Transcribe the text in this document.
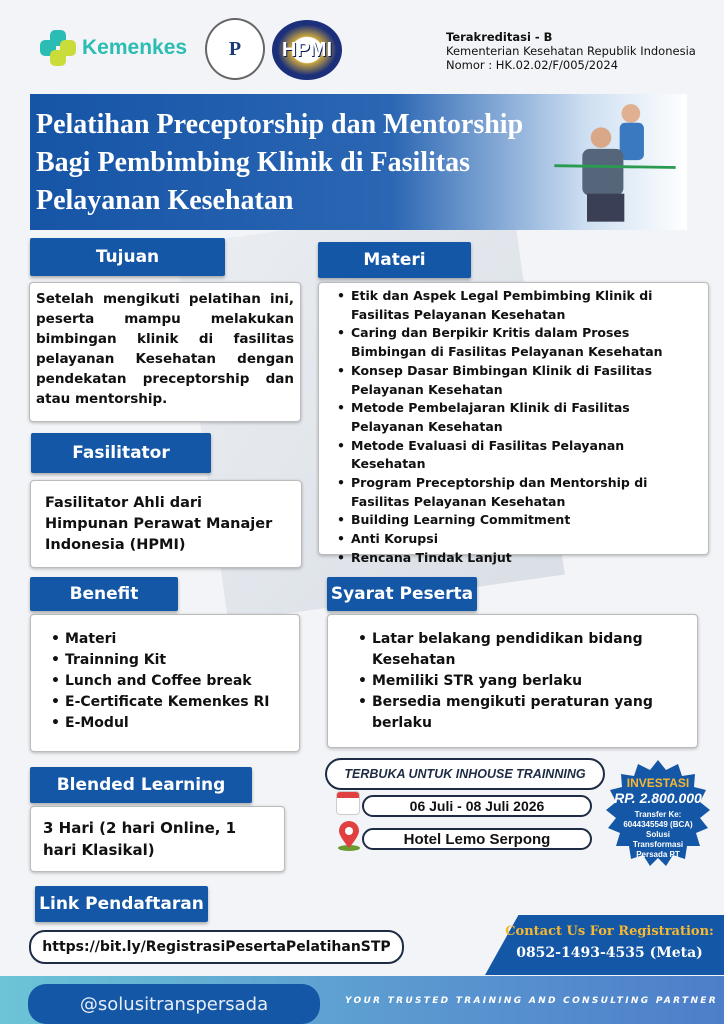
Kemenkes	P	HPMI
Terakreditasi - B
Kementerian Kesehatan Republik Indonesia
Nomor : HK.02.02/F/005/2024
Pelatihan Preceptorship dan Mentorship Bagi Pembimbing Klinik di Fasilitas Pelayanan Kesehatan
Tujuan
Setelah mengikuti pelatihan ini, peserta mampu melakukan bimbingan klinik di fasilitas pelayanan Kesehatan dengan pendekatan preceptorship dan atau mentorship.
Materi
• Etik dan Aspek Legal Pembimbing Klinik di Fasilitas Pelayanan Kesehatan
• Caring dan Berpikir Kritis dalam Proses Bimbingan di Fasilitas Pelayanan Kesehatan
• Konsep Dasar Bimbingan Klinik di Fasilitas Pelayanan Kesehatan
• Metode Pembelajaran Klinik di Fasilitas Pelayanan Kesehatan
• Metode Evaluasi di Fasilitas Pelayanan Kesehatan
• Program Preceptorship dan Mentorship di Fasilitas Pelayanan Kesehatan
• Building Learning Commitment
• Anti Korupsi
• Rencana Tindak Lanjut
Fasilitator
Fasilitator Ahli dari Himpunan Perawat Manajer Indonesia (HPMI)
Benefit
• Materi
• Trainning Kit
• Lunch and Coffee break
• E-Certificate Kemenkes RI
• E-Modul
Syarat Peserta
• Latar belakang pendidikan bidang Kesehatan
• Memiliki STR yang berlaku
• Bersedia mengikuti peraturan yang berlaku
Blended Learning
3 Hari (2 hari Online, 1 hari Klasikal)
TERBUKA UNTUK INHOUSE TRAINNING
06 Juli - 08 Juli 2026
Hotel Lemo Serpong
INVESTASI
RP. 2.800.000
Transfer Ke:
6044345549 (BCA)
Solusi Transformasi Persada PT
Link Pendaftaran
https://bit.ly/RegistrasiPesertaPelatihanSTP
Contact Us For Registration:
0852-1493-4535 (Meta)
@solusitranspersada	YOUR TRUSTED TRAINING AND CONSULTING PARTNER
